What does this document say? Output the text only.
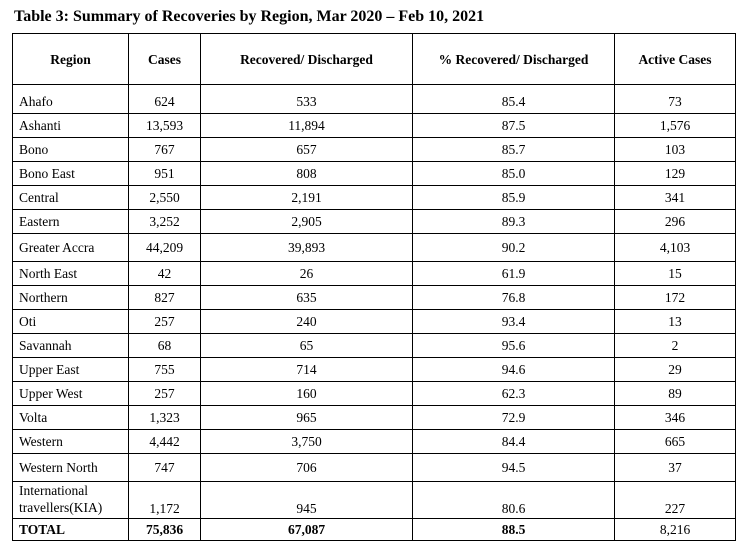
Table 3: Summary of Recoveries by Region, Mar 2020 – Feb 10, 2021
Region	Cases	Recovered/ Discharged	% Recovered/ Discharged	Active Cases
Ahafo	624	533	85.4	73
Ashanti	13,593	11,894	87.5	1,576
Bono	767	657	85.7	103
Bono East	951	808	85.0	129
Central	2,550	2,191	85.9	341
Eastern	3,252	2,905	89.3	296
Greater Accra	44,209	39,893	90.2	4,103
North East	42	26	61.9	15
Northern	827	635	76.8	172
Oti	257	240	93.4	13
Savannah	68	65	95.6	2
Upper East	755	714	94.6	29
Upper West	257	160	62.3	89
Volta	1,323	965	72.9	346
Western	4,442	3,750	84.4	665
Western North	747	706	94.5	37
International travellers(KIA)	1,172	945	80.6	227
TOTAL	75,836	67,087	88.5	8,216
